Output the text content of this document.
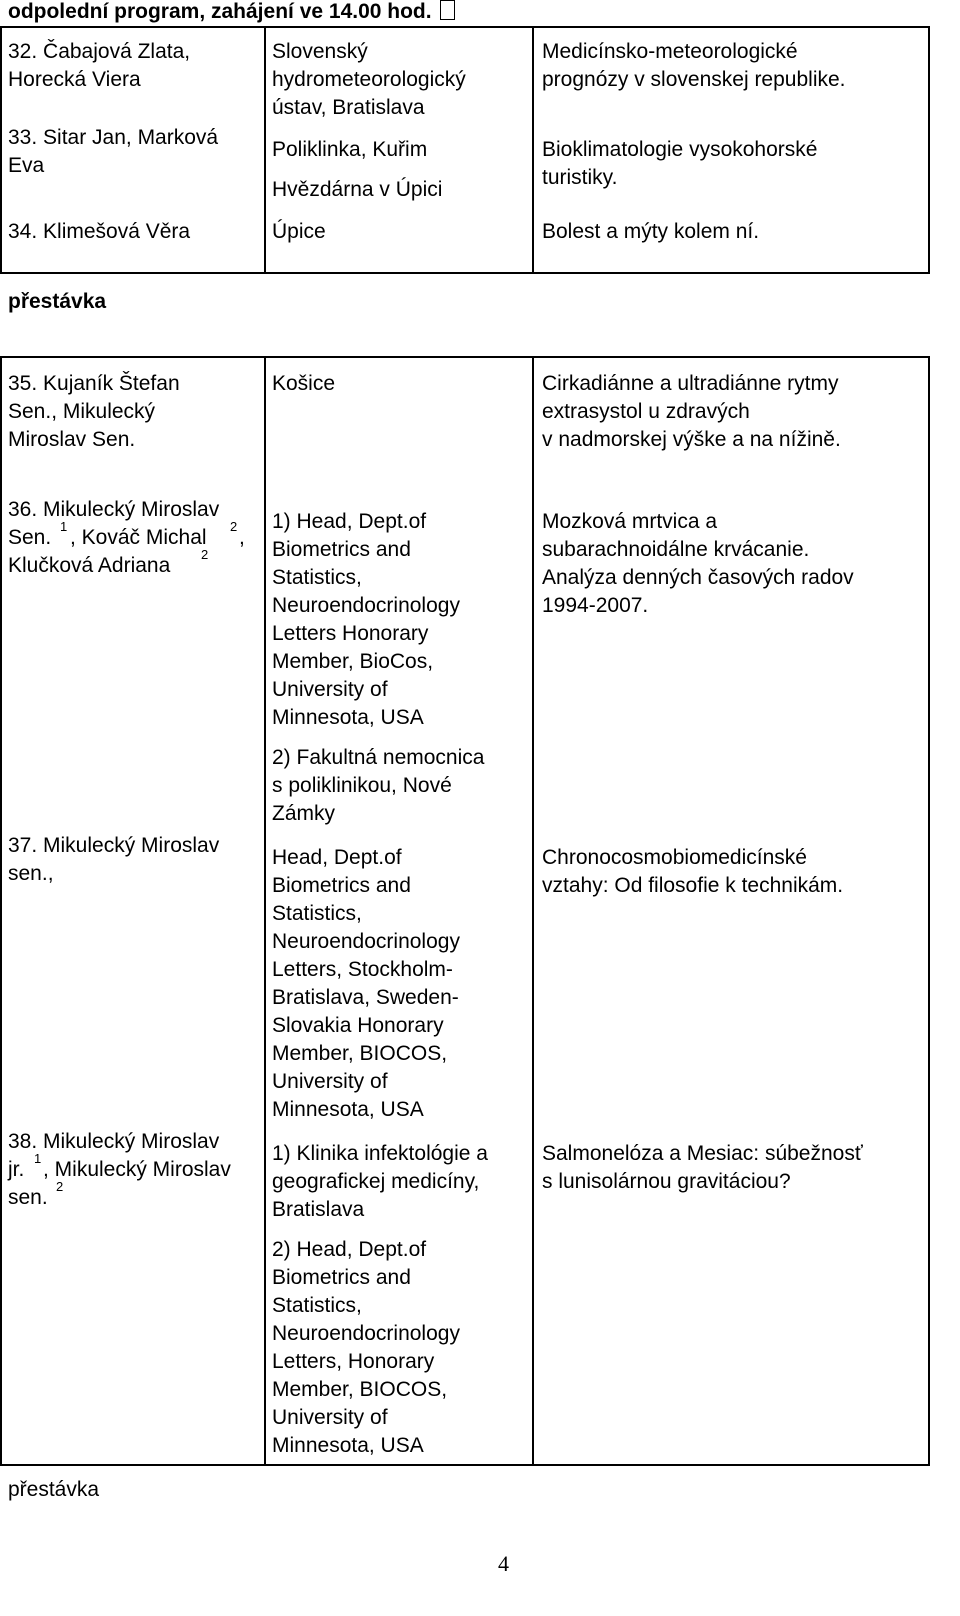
odpolední program, zahájení ve 14.00 hod.
32. Čabajová Zlata,
Horecká Viera
33. Sitar Jan, Marková
Eva
34. Klimešová Věra
Slovenský
hydrometeorologický
ústav, Bratislava
Poliklinka, Kuřim
Hvězdárna v Úpici
Úpice
Medicínsko-meteorologické
prognózy v slovenskej republike.
Bioklimatologie vysokohorské
turistiky.
Bolest a mýty kolem ní.
přestávka
35. Kujaník Štefan
Sen., Mikulecký
Miroslav Sen.
36. Mikulecký Miroslav
Sen. 1 , Kováč Michal 2 ,
Klučková Adriana 2
37. Mikulecký Miroslav
sen.,
38. Mikulecký Miroslav
jr. 1 , Mikulecký Miroslav
sen. 2
Košice
1) Head, Dept.of
Biometrics and
Statistics,
Neuroendocrinology
Letters Honorary
Member, BioCos,
University of
Minnesota, USA
2) Fakultná nemocnica
s poliklinikou, Nové
Zámky
Head, Dept.of
Biometrics and
Statistics,
Neuroendocrinology
Letters, Stockholm-
Bratislava, Sweden-
Slovakia Honorary
Member, BIOCOS,
University of
Minnesota, USA
1) Klinika infektológie a
geografickej medicíny,
Bratislava
2) Head, Dept.of
Biometrics and
Statistics,
Neuroendocrinology
Letters, Honorary
Member, BIOCOS,
University of
Minnesota, USA
Cirkadiánne a ultradiánne rytmy
extrasystol u zdravých
v nadmorskej výške a na nížině.
Mozková mrtvica a
subarachnoidálne krvácanie.
Analýza denných časových radov
1994-2007.
Chronocosmobiomedicínské
vztahy: Od filosofie k technikám.
Salmonelóza a Mesiac: súbežnosť
s lunisolárnou gravitáciou?
přestávka
4
